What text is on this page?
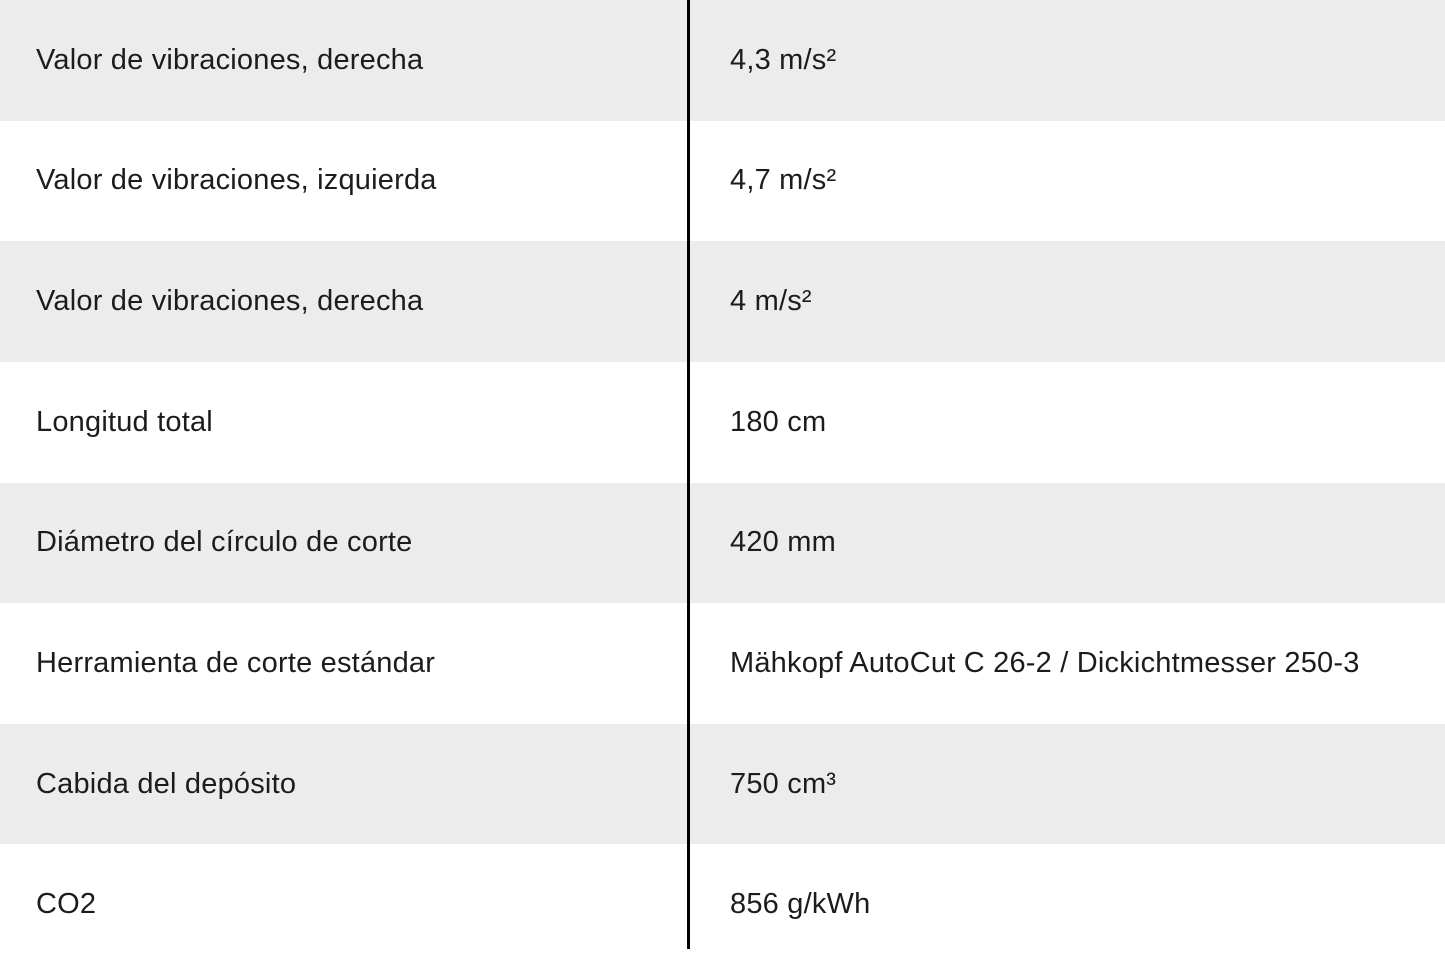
Valor de vibraciones, derecha	4,3 m/s²
Valor de vibraciones, izquierda	4,7 m/s²
Valor de vibraciones, derecha	4 m/s²
Longitud total	180 cm
Diámetro del círculo de corte	420 mm
Herramienta de corte estándar	Mähkopf AutoCut C 26-2 / Dickichtmesser 250-3
Cabida del depósito	750 cm³
CO2	856 g/kWh
